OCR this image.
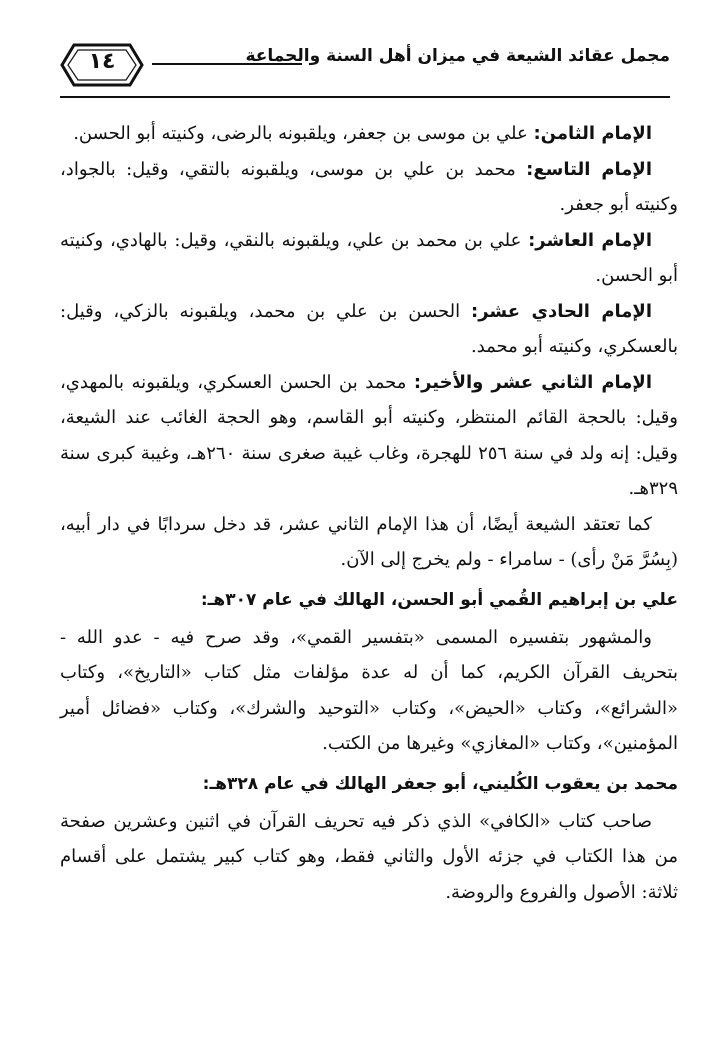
مجمل عقائد الشيعة في ميزان أهل السنة والجماعة
١٤

الإمام الثامن: علي بن موسى بن جعفر، ويلقبونه بالرضى، وكنيته أبو الحسن.

الإمام التاسع: محمد بن علي بن موسى، ويلقبونه بالتقي، وقيل: بالجواد، وكنيته أبو جعفر.

الإمام العاشر: علي بن محمد بن علي، ويلقبونه بالنقي، وقيل: بالهادي، وكنيته أبو الحسن.

الإمام الحادي عشر: الحسن بن علي بن محمد، ويلقبونه بالزكي، وقيل: بالعسكري، وكنيته أبو محمد.

الإمام الثاني عشر والأخير: محمد بن الحسن العسكري، ويلقبونه بالمهدي، وقيل: بالحجة القائم المنتظر، وكنيته أبو القاسم، وهو الحجة الغائب عند الشيعة، وقيل: إنه ولد في سنة ٢٥٦ للهجرة، وغاب غيبة صغرى سنة ٢٦٠هـ، وغيبة كبرى سنة ٣٢٩هـ.

كما تعتقد الشيعة أيضًا، أن هذا الإمام الثاني عشر، قد دخل سردابًا في دار أبيه، (بِسُرَّ مَنْ رأى) - سامراء - ولم يخرج إلى الآن.

علي بن إبراهيم القُمي أبو الحسن، الهالك في عام ٣٠٧هـ:

والمشهور بتفسيره المسمى «بتفسير القمي»، وقد صرح فيه - عدو الله - بتحريف القرآن الكريم، كما أن له عدة مؤلفات مثل كتاب «التاريخ»، وكتاب «الشرائع»، وكتاب «الحيض»، وكتاب «التوحيد والشرك»، وكتاب «فضائل أمير المؤمنين»، وكتاب «المغازي» وغيرها من الكتب.

محمد بن يعقوب الكُليني، أبو جعفر الهالك في عام ٣٢٨هـ:

صاحب كتاب «الكافي» الذي ذكر فيه تحريف القرآن في اثنين وعشرين صفحة من هذا الكتاب في جزئه الأول والثاني فقط، وهو كتاب كبير يشتمل على أقسام ثلاثة: الأصول والفروع والروضة.
